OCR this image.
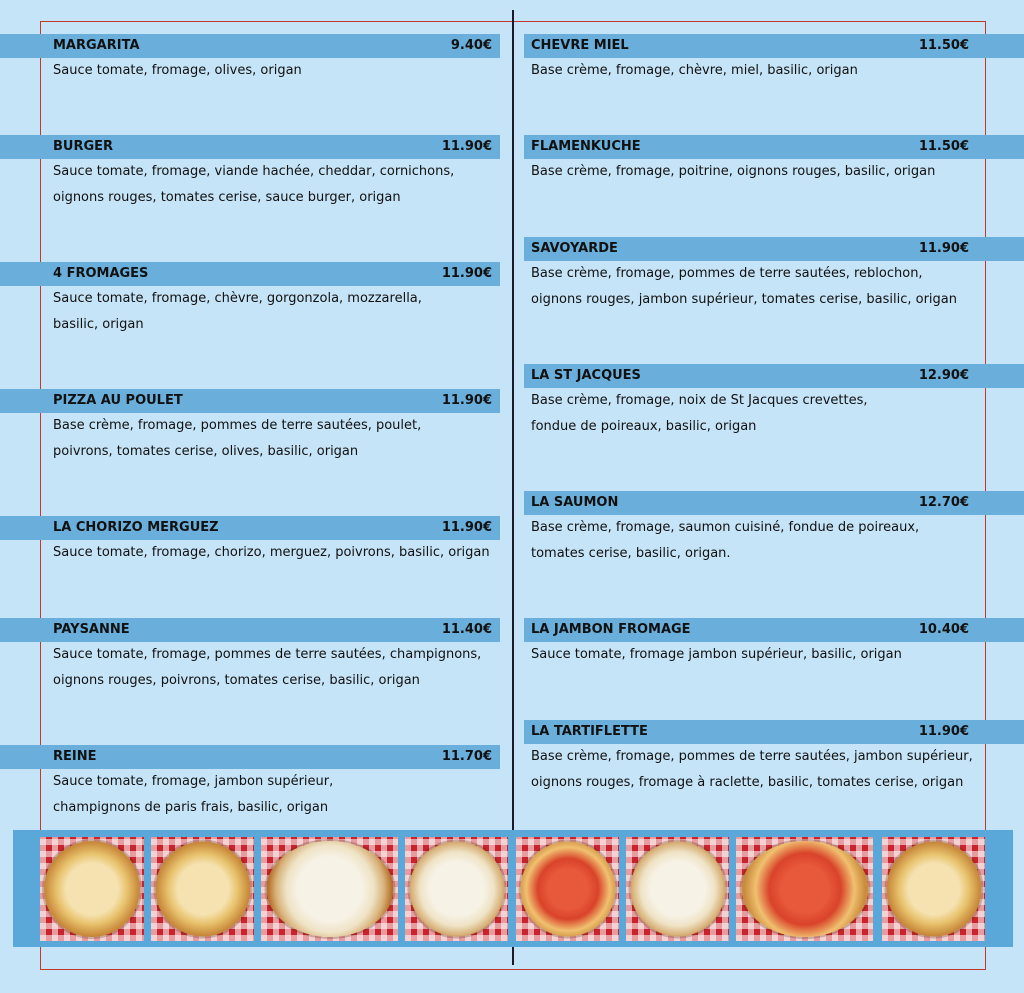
MARGARITA	9.40€
Sauce tomate, fromage, olives, origan
BURGER	11.90€
Sauce tomate, fromage, viande hachée, cheddar, cornichons,
oignons rouges, tomates cerise, sauce burger, origan
4 FROMAGES	11.90€
Sauce tomate, fromage, chèvre, gorgonzola, mozzarella,
basilic, origan
PIZZA AU POULET	11.90€
Base crème, fromage, pommes de terre sautées, poulet,
poivrons, tomates cerise, olives, basilic, origan
LA CHORIZO MERGUEZ	11.90€
Sauce tomate, fromage, chorizo, merguez, poivrons, basilic, origan
PAYSANNE	11.40€
Sauce tomate, fromage, pommes de terre sautées, champignons,
oignons rouges, poivrons, tomates cerise, basilic, origan
REINE	11.70€
Sauce tomate, fromage, jambon supérieur,
champignons de paris frais, basilic, origan
CHEVRE MIEL	11.50€
Base crème, fromage, chèvre, miel, basilic, origan
FLAMENKUCHE	11.50€
Base crème, fromage, poitrine, oignons rouges, basilic, origan
SAVOYARDE	11.90€
Base crème, fromage, pommes de terre sautées, reblochon,
oignons rouges, jambon supérieur, tomates cerise, basilic, origan
LA ST JACQUES	12.90€
Base crème, fromage, noix de St Jacques crevettes,
fondue de poireaux, basilic, origan
LA SAUMON	12.70€
Base crème, fromage, saumon cuisiné, fondue de poireaux,
tomates cerise, basilic, origan.
LA JAMBON FROMAGE	10.40€
Sauce tomate, fromage jambon supérieur, basilic, origan
LA TARTIFLETTE	11.90€
Base crème, fromage, pommes de terre sautées, jambon supérieur,
oignons rouges, fromage à raclette, basilic, tomates cerise, origan
